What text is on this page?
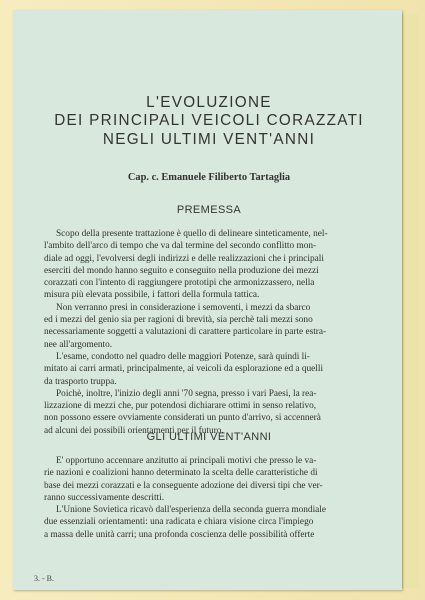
L'EVOLUZIONE
DEI PRINCIPALI VEICOLI CORAZZATI
NEGLI ULTIMI VENT'ANNI
Cap. c. Emanuele Filiberto Tartaglia
PREMESSA
Scopo della presente trattazione è quello di delineare sinteticamente, nel-
l'ambito dell'arco di tempo che va dal termine del secondo conflitto mon-
diale ad oggi, l'evolversi degli indirizzi e delle realizzazioni che i principali
eserciti del mondo hanno seguito e conseguito nella produzione dei mezzi
corazzati con l'intento di raggiungere prototipi che armonizzassero, nella
misura più elevata possibile, i fattori della formula tattica.
Non verranno presi in considerazione i semoventi, i mezzi da sbarco
ed i mezzi del genio sia per ragioni di brevità, sia perchè tali mezzi sono
necessariamente soggetti a valutazioni di carattere particolare in parte estra-
nee all'argomento.
L'esame, condotto nel quadro delle maggiori Potenze, sarà quindi li-
mitato ai carri armati, principalmente, ai veicoli da esplorazione ed a quelli
da trasporto truppa.
Poichè, inoltre, l'inizio degli anni '70 segna, presso i vari Paesi, la rea-
lizzazione di mezzi che, pur potendosi dichiarare ottimi in senso relativo,
non possono essere ovviamente considerati un punto d'arrivo, si accennerà
ad alcuni dei possibili orientamenti per il futuro.
GLI ULTIMI VENT'ANNI
E' opportuno accennare anzitutto ai principali motivi che presso le va-
rie nazioni e coalizioni hanno determinato la scelta delle caratteristiche di
base dei mezzi corazzati e la conseguente adozione dei diversi tipi che ver-
ranno successivamente descritti.
L'Unione Sovietica ricavò dall'esperienza della seconda guerra mondiale
due essenziali orientamenti: una radicata e chiara visione circa l'impiego
a massa delle unità carri; una profonda coscienza delle possibilità offerte
3. - B.
